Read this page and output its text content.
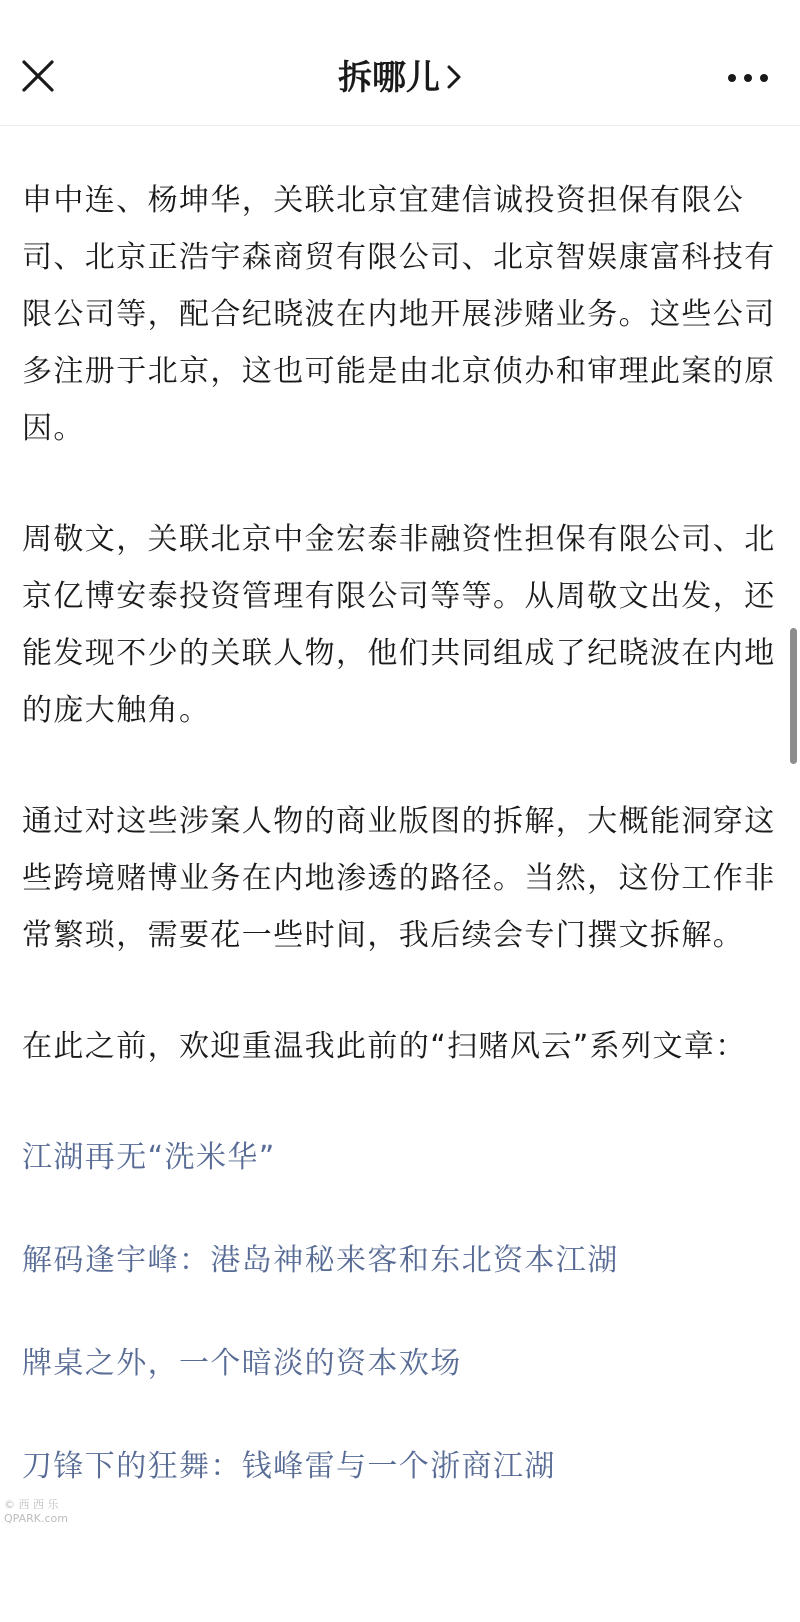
拆哪儿

申中连、杨坤华，关联北京宜建信诚投资担保有限公司、北京正浩宇森商贸有限公司、北京智娱康富科技有限公司等，配合纪晓波在内地开展涉赌业务。这些公司多注册于北京，这也可能是由北京侦办和审理此案的原因。

周敬文，关联北京中金宏泰非融资性担保有限公司、北京亿博安泰投资管理有限公司等等。从周敬文出发，还能发现不少的关联人物，他们共同组成了纪晓波在内地的庞大触角。

通过对这些涉案人物的商业版图的拆解，大概能洞穿这些跨境赌博业务在内地渗透的路径。当然，这份工作非常繁琐，需要花一些时间，我后续会专门撰文拆解。

在此之前，欢迎重温我此前的“扫赌风云”系列文章：

江湖再无“洗米华”

解码逢宇峰：港岛神秘来客和东北资本江湖

牌桌之外，一个暗淡的资本欢场

刀锋下的狂舞：钱峰雷与一个浙商江湖

© 西 西 乐
QPARK.com
